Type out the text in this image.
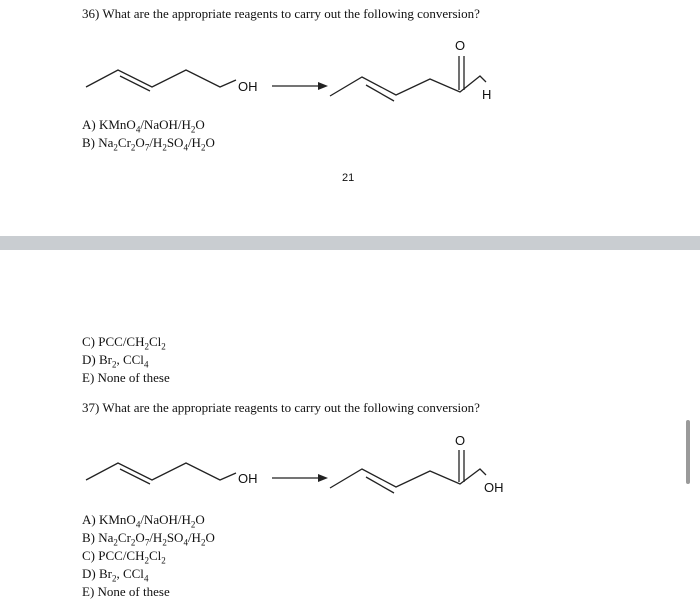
36) What are the appropriate reagents to carry out the following conversion?
OH
O
H
A) $KMnO_4/NaOH/H_2O$
B) $Na_2Cr_2O_7/H_2SO_4/H_2O$
21
C) PCC/$CH_2Cl_2$
D) $Br_2$, CCl$_4$
E) None of these
37) What are the appropriate reagents to carry out the following conversion?
OH
O
OH
A) $KMnO_4/NaOH/H_2O$
B) $Na_2Cr_2O_7/H_2SO_4/H_2O$
C) PCC/$CH_2Cl_2$
D) $Br_2$, CCl$_4$
E) None of these
